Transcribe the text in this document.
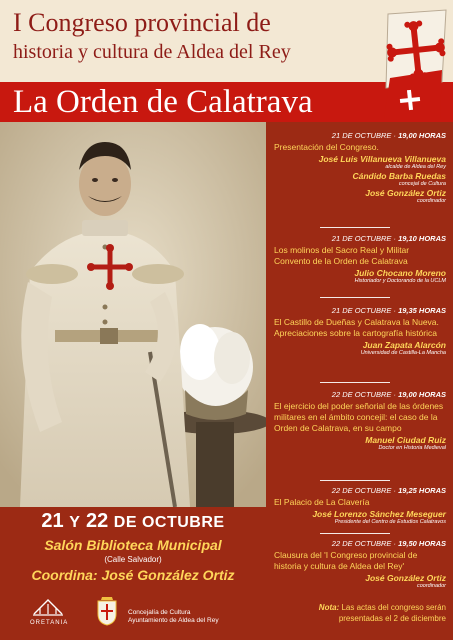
I Congreso provincial de
historia y cultura de Aldea del Rey
La Orden de Calatrava
21 Y 22 DE OCTUBRE
Salón Biblioteca Municipal
(Calle Salvador)
Coordina: José González Ortiz
ORETANIA
Concejalía de Cultura
Ayuntamiento de Aldea del Rey
21 DE OCTUBRE · 19,00 HORAS
Presentación del Congreso.
José Luis Villanueva Villanueva
alcalde de Aldea del Rey
Cándido Barba Ruedas
concejal de Cultura
José González Ortiz
coordinador
21 DE OCTUBRE · 19,10 HORAS
Los molinos del Sacro Real y Militar Convento de la Orden de Calatrava
Julio Chocano Moreno
Historiador y Doctorando de la UCLM
21 DE OCTUBRE · 19,35 HORAS
El Castillo de Dueñas y Calatrava la Nueva. Apreciaciones sobre la cartografía histórica
Juan Zapata Alarcón
Universidad de Castilla-La Mancha
22 DE OCTUBRE · 19,00 HORAS
El ejercicio del poder señorial de las órdenes militares en el ámbito concejil: el caso de la Orden de Calatrava, en su campo
Manuel Ciudad Ruiz
Doctor en Historia Medieval
22 DE OCTUBRE · 19,25 HORAS
El Palacio de La Clavería
José Lorenzo Sánchez Meseguer
Presidente del Centro de Estudios Calatravos
22 DE OCTUBRE · 19,50 HORAS
Clausura del 'I Congreso provincial de historia y cultura de Aldea del Rey'
José González Ortiz
coordinador
Nota: Las actas del congreso serán presentadas el 2 de diciembre
